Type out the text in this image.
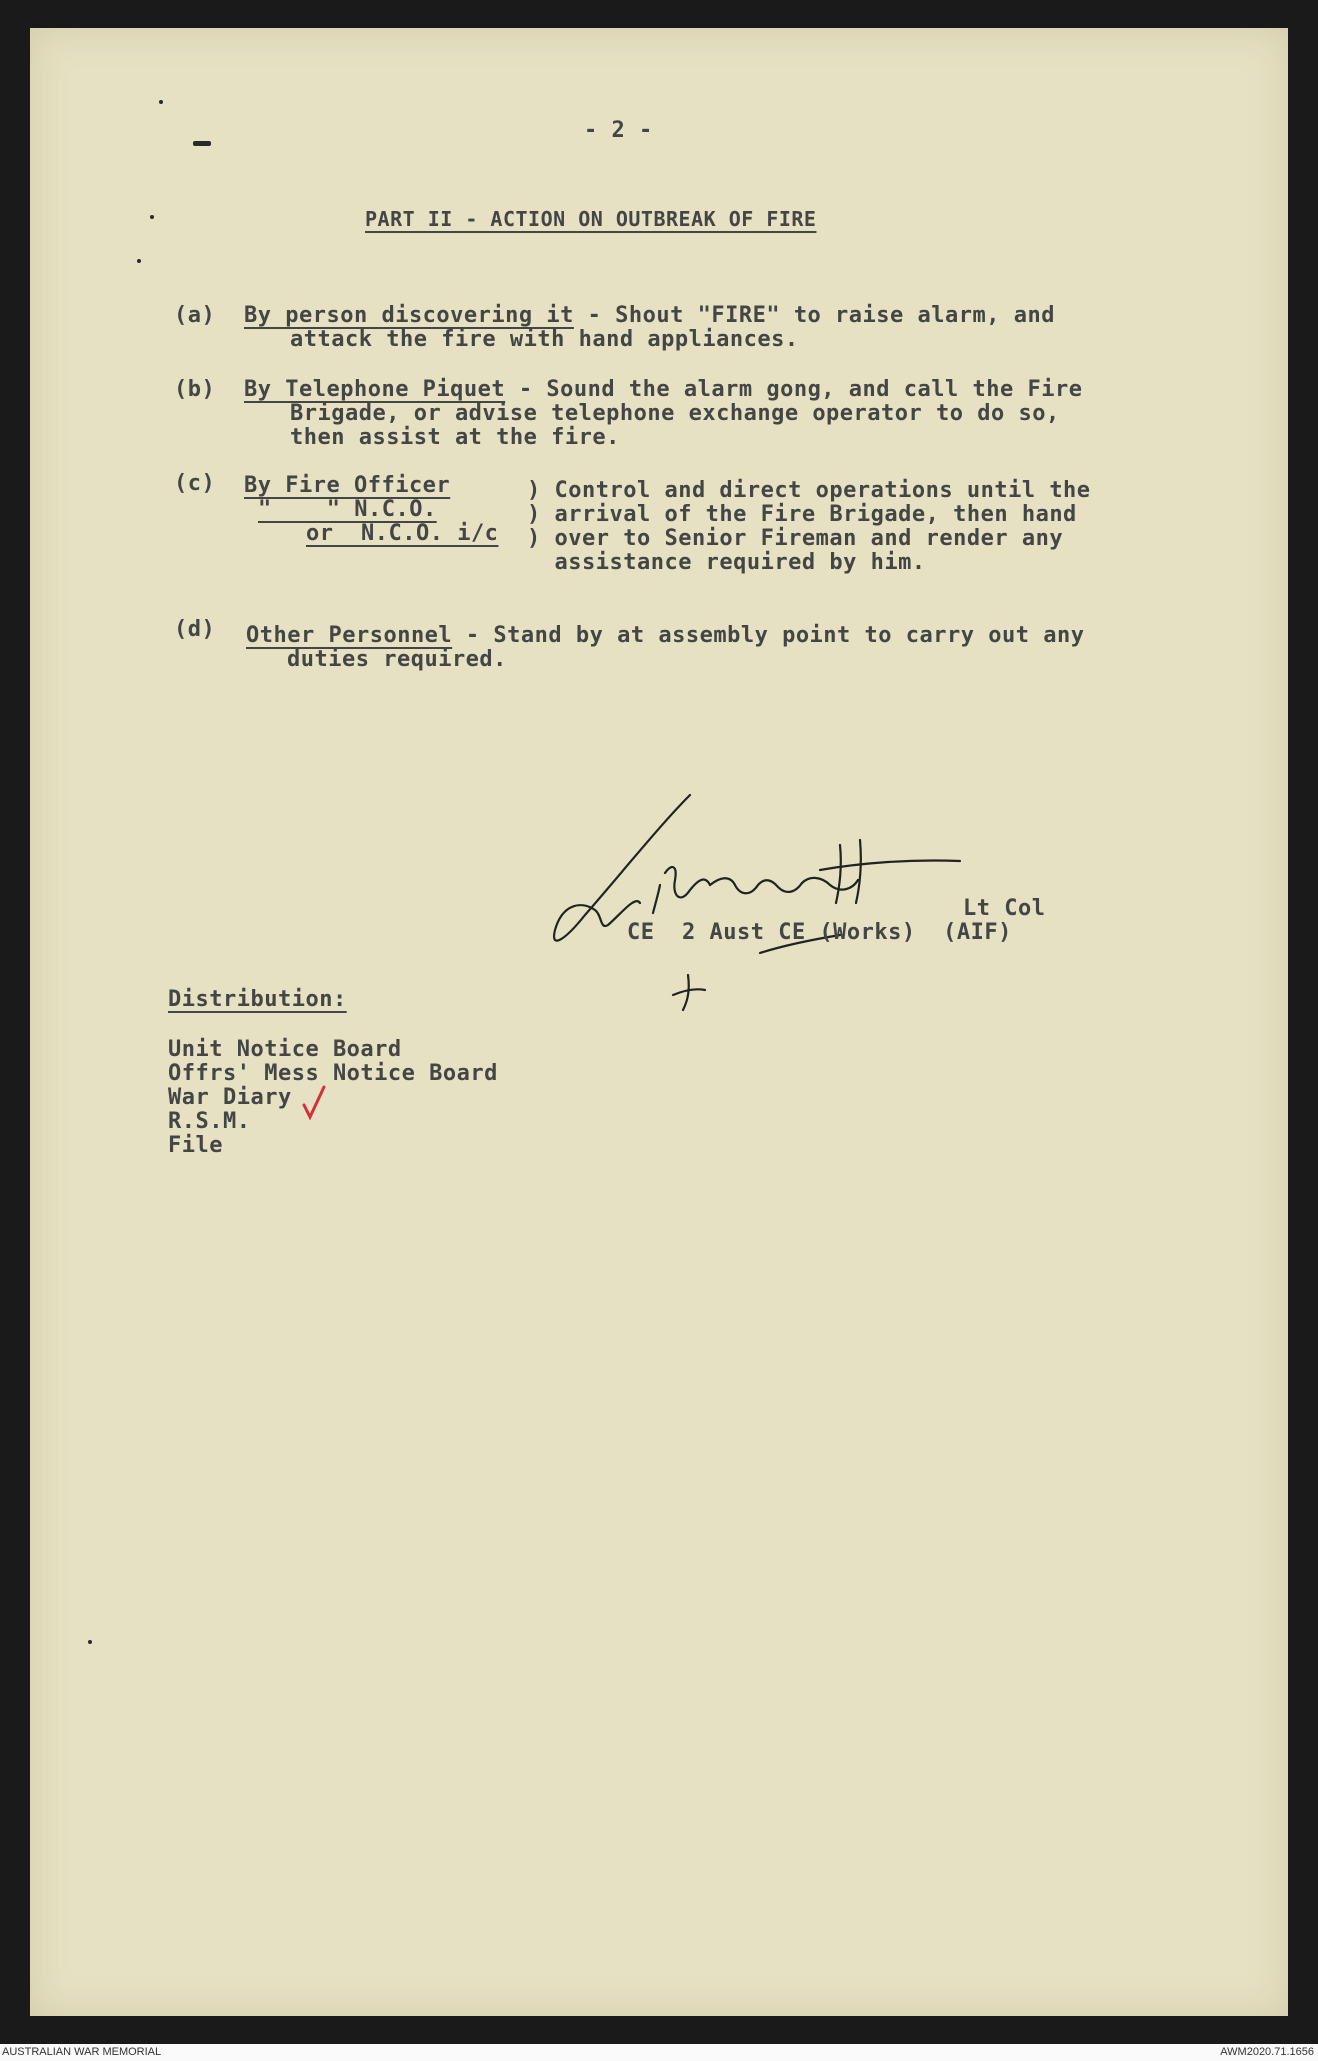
- 2 -
PART II - ACTION ON OUTBREAK OF FIRE
(a) By person discovering it - Shout "FIRE" to raise alarm, and
attack the fire with hand appliances.
(b) By Telephone Piquet - Sound the alarm gong, and call the Fire
Brigade, or advise telephone exchange operator to do so,
then assist at the fire.
(c) By Fire Officer
"    " N.C.O.
or  N.C.O. i/c
) Control and direct operations until the
) arrival of the Fire Brigade, then hand
) over to Senior Fireman and render any
assistance required by him.
(d) Other Personnel - Stand by at assembly point to carry out any
duties required.
Lt Col
CE  2 Aust CE (Works)  (AIF)
Distribution:
Unit Notice Board
Offrs' Mess Notice Board
War Diary
R.S.M.
File
AUSTRALIAN WAR MEMORIAL	AWM2020.71.1656
